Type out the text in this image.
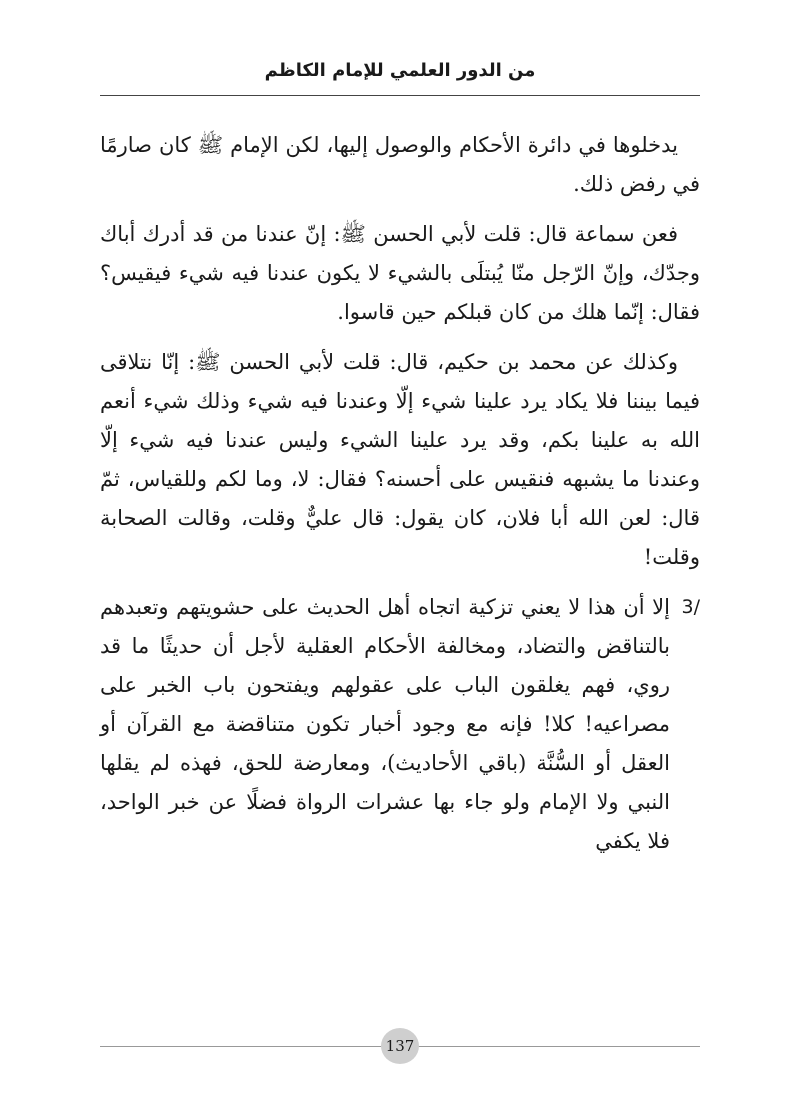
من الدور العلمي للإمام الكاظم

يدخلوها في دائرة الأحكام والوصول إليها، لكن الإمام ﷺ كان صارمًا في رفض ذلك.

فعن سماعة قال: قلت لأبي الحسن ﷺ: إنّ عندنا من قد أدرك أباك وجدّك، وإنّ الرّجل منّا يُبتلَى بالشيء لا يكون عندنا فيه شيء فيقيس؟ فقال: إنّما هلك من كان قبلكم حين قاسوا.

وكذلك عن محمد بن حكيم، قال: قلت لأبي الحسن ﷺ: إنّا نتلاقى فيما بيننا فلا يكاد يرد علينا شيء إلّا وعندنا فيه شيء وذلك شيء أنعم الله به علينا بكم، وقد يرد علينا الشيء وليس عندنا فيه شيء إلّا وعندنا ما يشبهه فنقيس على أحسنه؟ فقال: لا، وما لكم وللقياس، ثمّ قال: لعن الله أبا فلان، كان يقول: قال عليٌّ وقلت، وقالت الصحابة وقلت!

3/
إلا أن هذا لا يعني تزكية اتجاه أهل الحديث على حشويتهم وتعبدهم بالتناقض والتضاد، ومخالفة الأحكام العقلية لأجل أن حديثًا ما قد روي، فهم يغلقون الباب على عقولهم ويفتحون باب الخبر على مصراعيه! كلا! فإنه مع وجود أخبار تكون متناقضة مع القرآن أو العقل أو السُّنَّة (باقي الأحاديث)، ومعارضة للحق، فهذه لم يقلها النبي ولا الإمام ولو جاء بها عشرات الرواة فضلًا عن خبر الواحد، فلا يكفي
137
